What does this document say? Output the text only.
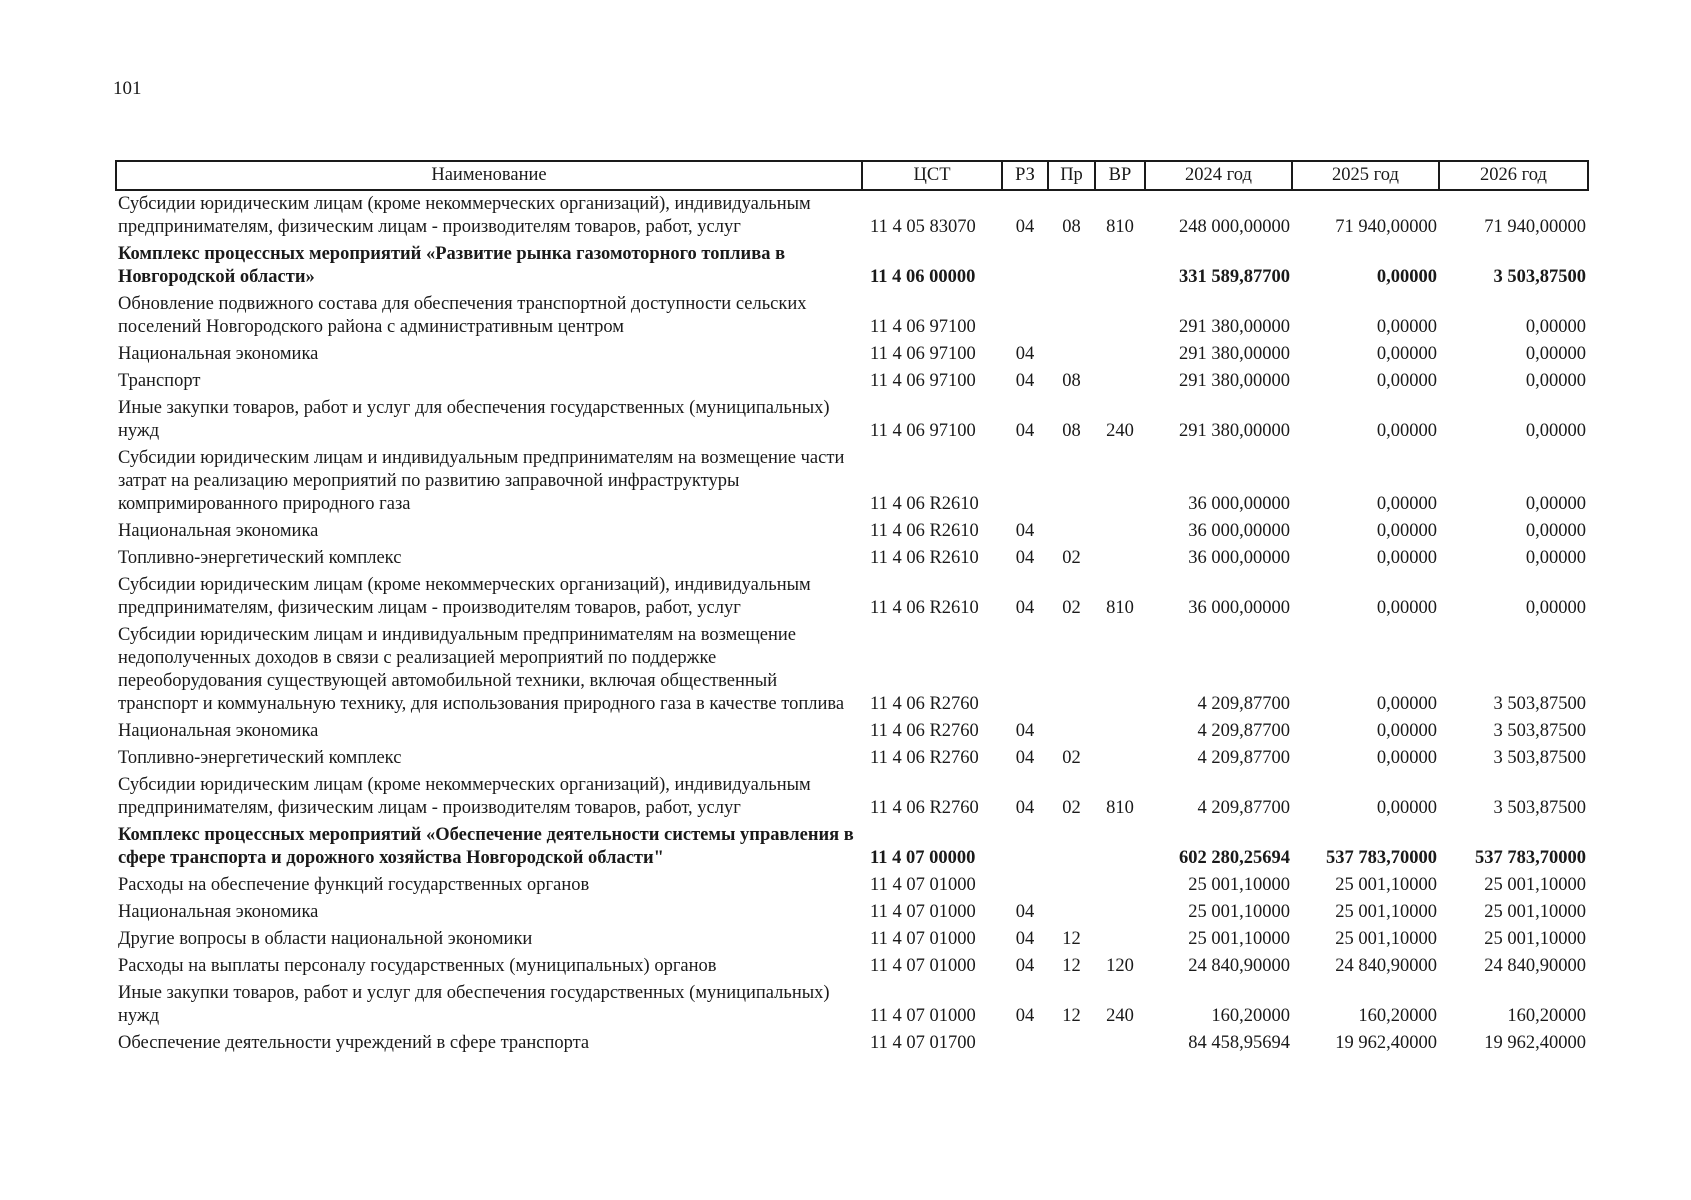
101
Наименование	ЦСТ	РЗ	Пр	ВР	2024 год	2025 год	2026 год
Субсидии юридическим лицам (кроме некоммерческих организаций), индивидуальным предпринимателям, физическим лицам - производителям товаров, работ, услуг	11 4 05 83070	04	08	810	248 000,00000	71 940,00000	71 940,00000
Комплекс процессных мероприятий «Развитие рынка газомоторного топлива в Новгородской области»	11 4 06 00000				331 589,87700	0,00000	3 503,87500
Обновление подвижного состава для обеспечения транспортной доступности сельских поселений Новгородского района с административным центром	11 4 06 97100				291 380,00000	0,00000	0,00000
Национальная экономика	11 4 06 97100	04			291 380,00000	0,00000	0,00000
Транспорт	11 4 06 97100	04	08		291 380,00000	0,00000	0,00000
Иные закупки товаров, работ и услуг для обеспечения государственных (муниципальных) нужд	11 4 06 97100	04	08	240	291 380,00000	0,00000	0,00000
Субсидии юридическим лицам и индивидуальным предпринимателям на возмещение части затрат на реализацию мероприятий по развитию заправочной инфраструктуры компримированного природного газа	11 4 06 R2610				36 000,00000	0,00000	0,00000
Национальная экономика	11 4 06 R2610	04			36 000,00000	0,00000	0,00000
Топливно-энергетический комплекс	11 4 06 R2610	04	02		36 000,00000	0,00000	0,00000
Субсидии юридическим лицам (кроме некоммерческих организаций), индивидуальным предпринимателям, физическим лицам - производителям товаров, работ, услуг	11 4 06 R2610	04	02	810	36 000,00000	0,00000	0,00000
Субсидии юридическим лицам и индивидуальным предпринимателям на возмещение недополученных доходов в связи с реализацией мероприятий по поддержке переоборудования существующей автомобильной техники, включая общественный транспорт и коммунальную технику, для использования природного газа в качестве топлива	11 4 06 R2760				4 209,87700	0,00000	3 503,87500
Национальная экономика	11 4 06 R2760	04			4 209,87700	0,00000	3 503,87500
Топливно-энергетический комплекс	11 4 06 R2760	04	02		4 209,87700	0,00000	3 503,87500
Субсидии юридическим лицам (кроме некоммерческих организаций), индивидуальным предпринимателям, физическим лицам - производителям товаров, работ, услуг	11 4 06 R2760	04	02	810	4 209,87700	0,00000	3 503,87500
Комплекс процессных мероприятий «Обеспечение деятельности системы управления в сфере транспорта и дорожного хозяйства Новгородской области"	11 4 07 00000				602 280,25694	537 783,70000	537 783,70000
Расходы на обеспечение функций государственных органов	11 4 07 01000				25 001,10000	25 001,10000	25 001,10000
Национальная экономика	11 4 07 01000	04			25 001,10000	25 001,10000	25 001,10000
Другие вопросы в области национальной экономики	11 4 07 01000	04	12		25 001,10000	25 001,10000	25 001,10000
Расходы на выплаты персоналу государственных (муниципальных) органов	11 4 07 01000	04	12	120	24 840,90000	24 840,90000	24 840,90000
Иные закупки товаров, работ и услуг для обеспечения государственных (муниципальных) нужд	11 4 07 01000	04	12	240	160,20000	160,20000	160,20000
Обеспечение деятельности учреждений в сфере транспорта	11 4 07 01700				84 458,95694	19 962,40000	19 962,40000
